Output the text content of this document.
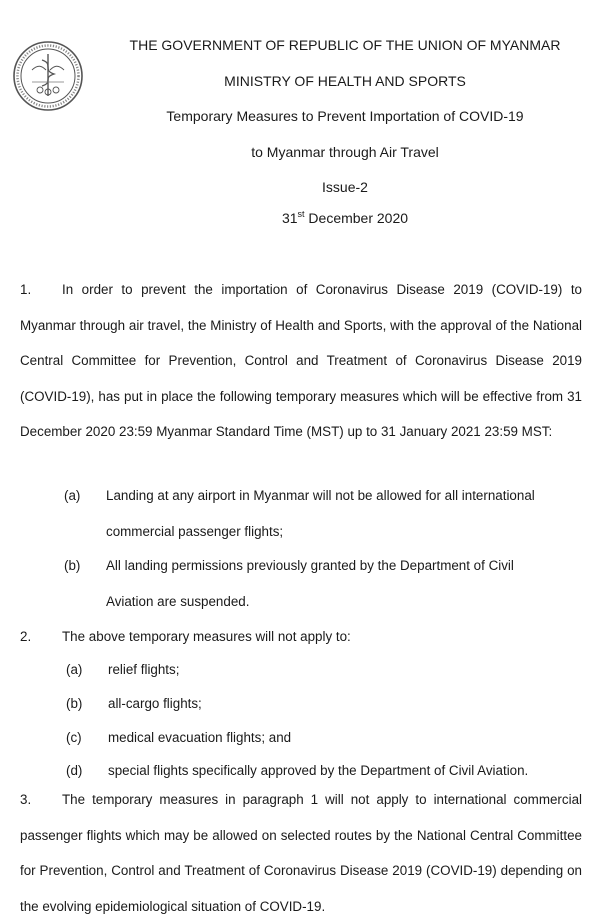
THE GOVERNMENT OF REPUBLIC OF THE UNION OF MYANMAR
MINISTRY OF HEALTH AND SPORTS
Temporary Measures to Prevent Importation of COVID-19
to Myanmar through Air Travel
Issue-2
31st December 2020
1. In order to prevent the importation of Coronavirus Disease 2019 (COVID-19) to Myanmar through air travel, the Ministry of Health and Sports, with the approval of the National Central Committee for Prevention, Control and Treatment of Coronavirus Disease 2019 (COVID-19), has put in place the following temporary measures which will be effective from 31 December 2020 23:59 Myanmar Standard Time (MST) up to 31 January 2021 23:59 MST:
(a)	Landing at any airport in Myanmar will not be allowed for all international commercial passenger flights;
(b)	All landing permissions previously granted by the Department of Civil Aviation are suspended.
2. The above temporary measures will not apply to:
(a) relief flights;
(b) all-cargo flights;
(c) medical evacuation flights; and
(d) special flights specifically approved by the Department of Civil Aviation.
3. The temporary measures in paragraph 1 will not apply to international commercial passenger flights which may be allowed on selected routes by the National Central Committee for Prevention, Control and Treatment of Coronavirus Disease 2019 (COVID-19) depending on the evolving epidemiological situation of COVID-19.
